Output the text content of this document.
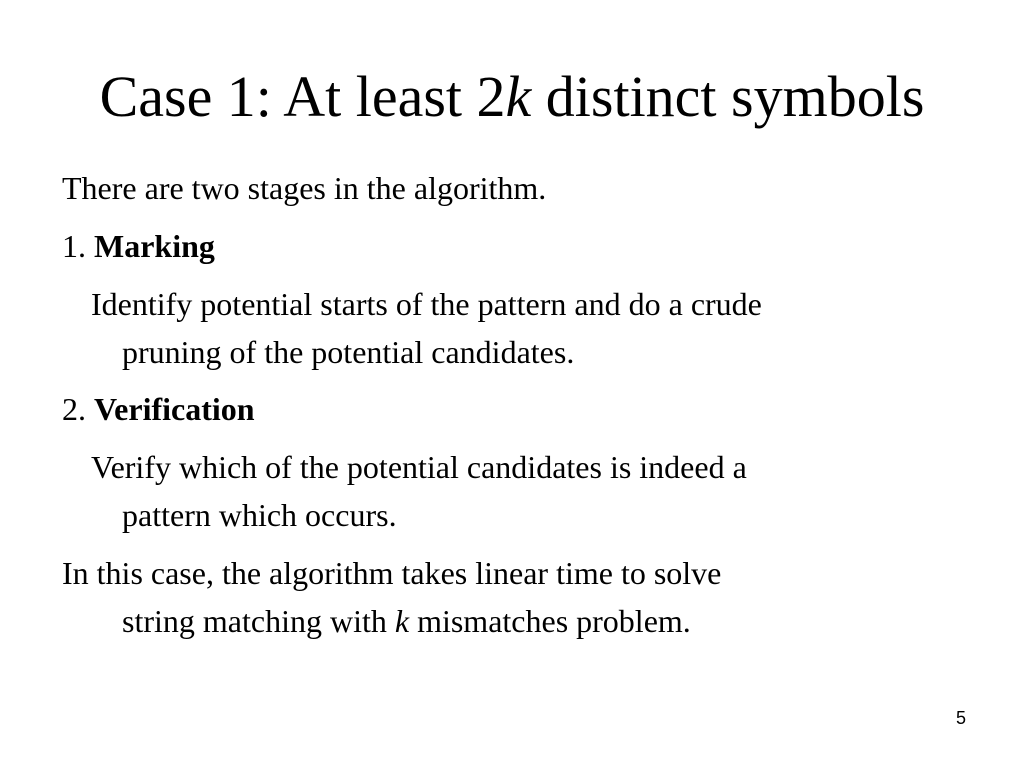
Case 1: At least 2k distinct symbols
There are two stages in the algorithm.
1. Marking
Identify potential starts of the pattern and do a crude
pruning of the potential candidates.
2. Verification
Verify which of the potential candidates is indeed a
pattern which occurs.
In this case, the algorithm takes linear time to solve
string matching with k mismatches problem.
5
